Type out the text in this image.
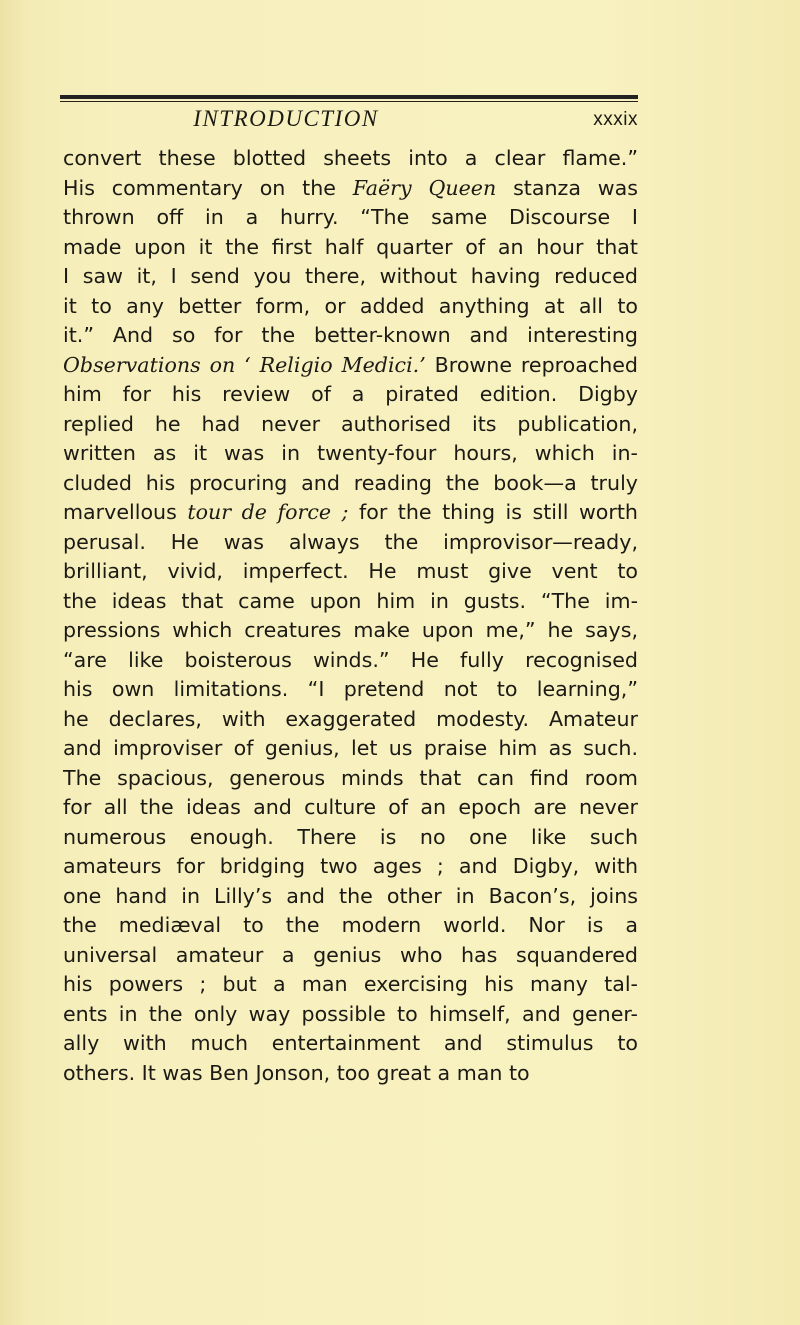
INTRODUCTION	xxxix
convert these blotted sheets into a clear flame.”
His commentary on the Faëry Queen stanza was
thrown off in a hurry. “The same Discourse I
made upon it the first half quarter of an hour that
I saw it, I send you there, without having reduced
it to any better form, or added anything at all to
it.” And so for the better-known and interesting
Observations on ‘ Religio Medici.’ Browne reproached
him for his review of a pirated edition. Digby
replied he had never authorised its publication,
written as it was in twenty-four hours, which in-
cluded his procuring and reading the book—a truly
marvellous tour de force ; for the thing is still worth
perusal. He was always the improvisor—ready,
brilliant, vivid, imperfect. He must give vent to
the ideas that came upon him in gusts. “The im-
pressions which creatures make upon me,” he says,
“are like boisterous winds.” He fully recognised
his own limitations. “I pretend not to learning,”
he declares, with exaggerated modesty. Amateur
and improviser of genius, let us praise him as such.
The spacious, generous minds that can find room
for all the ideas and culture of an epoch are never
numerous enough. There is no one like such
amateurs for bridging two ages ; and Digby, with
one hand in Lilly’s and the other in Bacon’s, joins
the mediæval to the modern world. Nor is a
universal amateur a genius who has squandered
his powers ; but a man exercising his many tal-
ents in the only way possible to himself, and gener-
ally with much entertainment and stimulus to
others. It was Ben Jonson, too great a man to
